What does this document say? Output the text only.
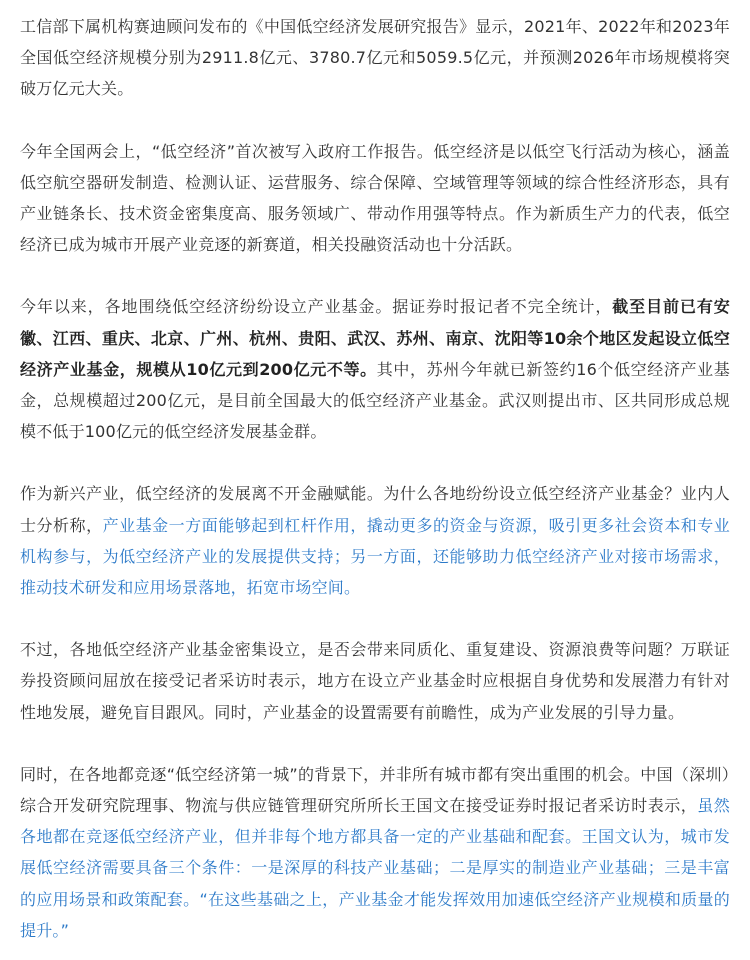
工信部下属机构赛迪顾问发布的《中国低空经济发展研究报告》显示，2021年、2022年和2023年全国低空经济规模分别为2911.8亿元、3780.7亿元和5059.5亿元，并预测2026年市场规模将突破万亿元大关。

今年全国两会上，“低空经济”首次被写入政府工作报告。低空经济是以低空飞行活动为核心，涵盖低空航空器研发制造、检测认证、运营服务、综合保障、空域管理等领域的综合性经济形态，具有产业链条长、技术资金密集度高、服务领域广、带动作用强等特点。作为新质生产力的代表，低空经济已成为城市开展产业竞逐的新赛道，相关投融资活动也十分活跃。

今年以来，各地围绕低空经济纷纷设立产业基金。据证券时报记者不完全统计，截至目前已有安徽、江西、重庆、北京、广州、杭州、贵阳、武汉、苏州、南京、沈阳等10余个地区发起设立低空经济产业基金，规模从10亿元到200亿元不等。其中，苏州今年就已新签约16个低空经济产业基金，总规模超过200亿元，是目前全国最大的低空经济产业基金。武汉则提出市、区共同形成总规模不低于100亿元的低空经济发展基金群。

作为新兴产业，低空经济的发展离不开金融赋能。为什么各地纷纷设立低空经济产业基金？业内人士分析称，产业基金一方面能够起到杠杆作用，撬动更多的资金与资源，吸引更多社会资本和专业机构参与，为低空经济产业的发展提供支持；另一方面，还能够助力低空经济产业对接市场需求，推动技术研发和应用场景落地，拓宽市场空间。

不过，各地低空经济产业基金密集设立，是否会带来同质化、重复建设、资源浪费等问题？万联证券投资顾问屈放在接受记者采访时表示，地方在设立产业基金时应根据自身优势和发展潜力有针对性地发展，避免盲目跟风。同时，产业基金的设置需要有前瞻性，成为产业发展的引导力量。

同时，在各地都竞逐“低空经济第一城”的背景下，并非所有城市都有突出重围的机会。中国（深圳）综合开发研究院理事、物流与供应链管理研究所所长王国文在接受证券时报记者采访时表示，虽然各地都在竞逐低空经济产业，但并非每个地方都具备一定的产业基础和配套。王国文认为，城市发展低空经济需要具备三个条件：一是深厚的科技产业基础；二是厚实的制造业产业基础；三是丰富的应用场景和政策配套。“在这些基础之上，产业基金才能发挥效用加速低空经济产业规模和质量的提升。”
